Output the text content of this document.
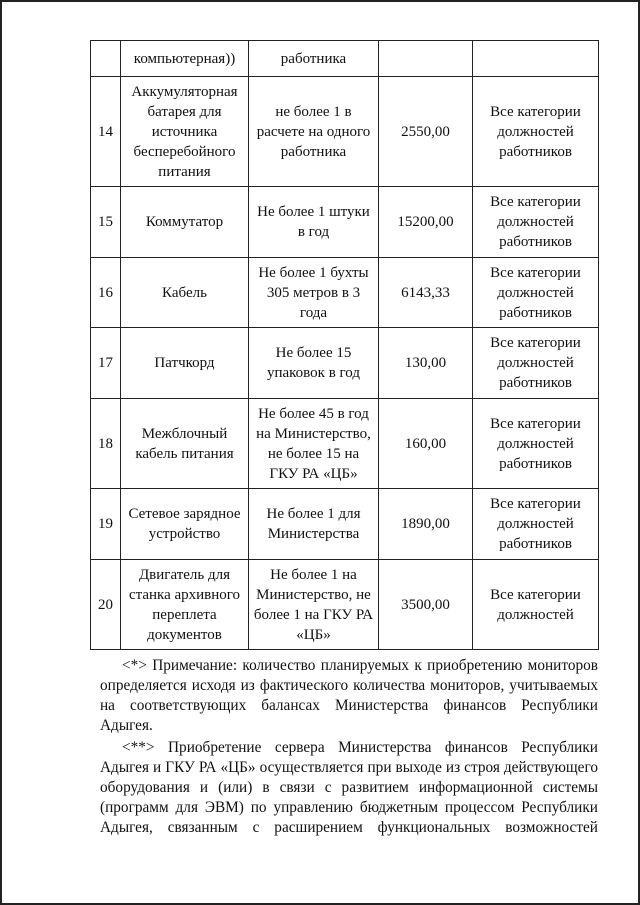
	компьютерная))	работника		
14	Аккумуляторная батарея для источника бесперебойного питания	не более 1 в расчете на одного работника	2550,00	Все категории должностей работников
15	Коммутатор	Не более 1 штуки в год	15200,00	Все категории должностей работников
16	Кабель	Не более 1 бухты 305 метров в 3 года	6143,33	Все категории должностей работников
17	Патчкорд	Не более 15 упаковок в год	130,00	Все категории должностей работников
18	Межблочный кабель питания	Не более 45 в год на Министерство, не более 15 на ГКУ РА «ЦБ»	160,00	Все категории должностей работников
19	Сетевое зарядное устройство	Не более 1 для Министерства	1890,00	Все категории должностей работников
20	Двигатель для станка архивного переплета документов	Не более 1 на Министерство, не более 1 на ГКУ РА «ЦБ»	3500,00	Все категории должностей

<*> Примечание: количество планируемых к приобретению мониторов определяется исходя из фактического количества мониторов, учитываемых на соответствующих балансах Министерства финансов Республики Адыгея.

<**> Приобретение сервера Министерства финансов Республики Адыгея и ГКУ РА «ЦБ» осуществляется при выходе из строя действующего оборудования и (или) в связи с развитием информационной системы (программ для ЭВМ) по управлению бюджетным процессом Республики Адыгея, связанным с расширением функциональных возможностей
